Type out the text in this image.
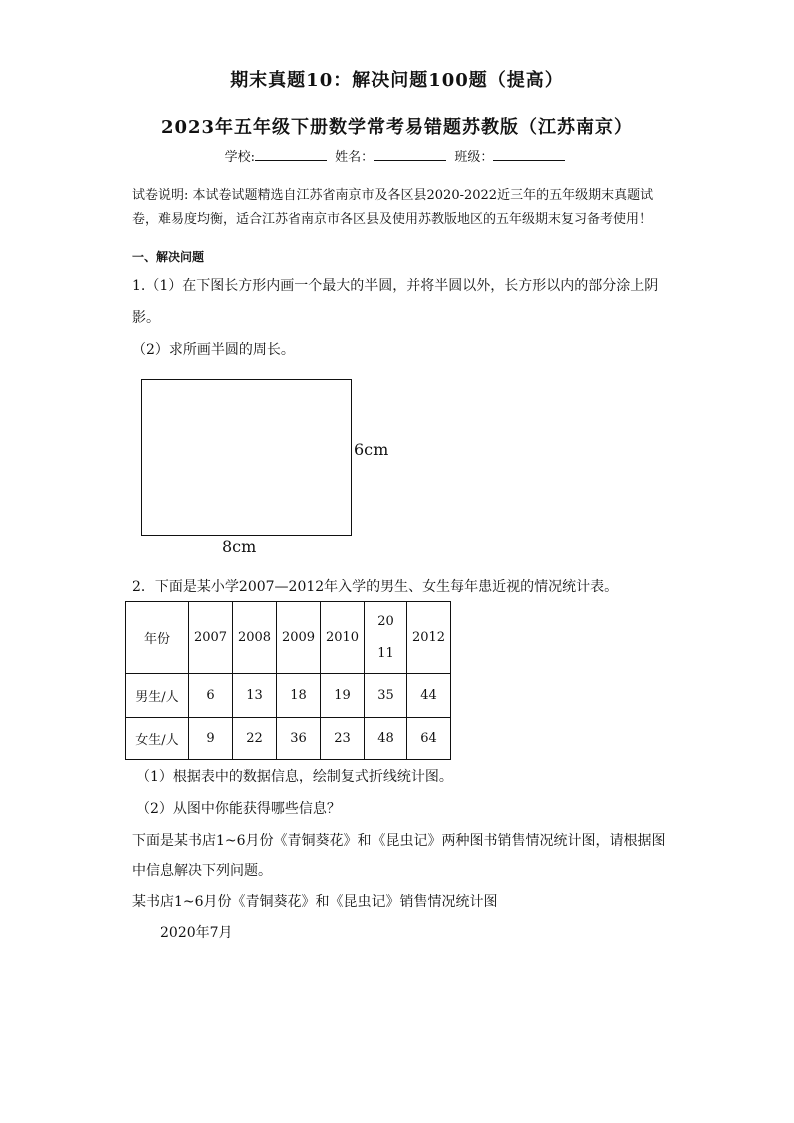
期末真题10：解决问题100题（提高）
2023年五年级下册数学常考易错题苏教版（江苏南京）
学校:	姓名：	班级：
试卷说明: 本试卷试题精选自江苏省南京市及各区县2020-2022近三年的五年级期末真题试卷，难易度均衡，适合江苏省南京市各区县及使用苏教版地区的五年级期末复习备考使用！
一、解决问题
1.（1）在下图长方形内画一个最大的半圆，并将半圆以外，长方形以内的部分涂上阴
影。
（2）求所画半圆的周长。
6cm
8cm
2．下面是某小学2007—2012年入学的男生、女生每年患近视的情况统计表。
年份	2007	2008	2009	2010	2011	2012
男生/人	6	13	18	19	35	44
女生/人	9	22	36	23	48	64
（1）根据表中的数据信息，绘制复式折线统计图。
（2）从图中你能获得哪些信息？
下面是某书店1~6月份《青铜葵花》和《昆虫记》两种图书销售情况统计图，请根据图
中信息解决下列问题。
某书店1~6月份《青铜葵花》和《昆虫记》销售情况统计图
2020年7月
